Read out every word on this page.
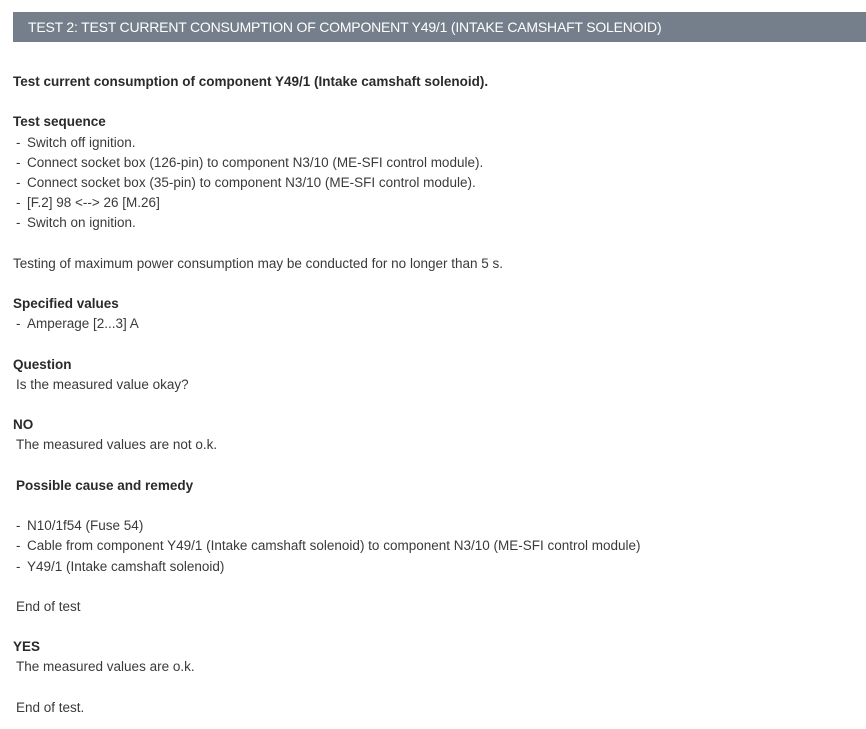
TEST 2: TEST CURRENT CONSUMPTION OF COMPONENT Y49/1 (INTAKE CAMSHAFT SOLENOID)
Test current consumption of component Y49/1 (Intake camshaft solenoid).
Test sequence
- Switch off ignition.
- Connect socket box (126-pin) to component N3/10 (ME-SFI control module).
- Connect socket box (35-pin) to component N3/10 (ME-SFI control module).
- [F.2] 98 <--> 26 [M.26]
- Switch on ignition.
Testing of maximum power consumption may be conducted for no longer than 5 s.
Specified values
- Amperage [2...3] A
Question
Is the measured value okay?
NO
The measured values are not o.k.
Possible cause and remedy
- N10/1f54 (Fuse 54)
- Cable from component Y49/1 (Intake camshaft solenoid) to component N3/10 (ME-SFI control module)
- Y49/1 (Intake camshaft solenoid)
End of test
YES
The measured values are o.k.
End of test.
